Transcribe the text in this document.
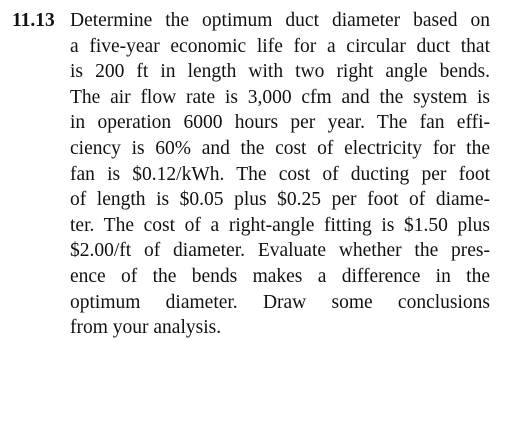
11.13 Determine the optimum duct diameter based on
a five-year economic life for a circular duct that
is 200 ft in length with two right angle bends.
The air flow rate is 3,000 cfm and the system is
in operation 6000 hours per year. The fan effi-
ciency is 60% and the cost of electricity for the
fan is $0.12/kWh. The cost of ducting per foot
of length is $0.05 plus $0.25 per foot of diame-
ter. The cost of a right-angle fitting is $1.50 plus
$2.00/ft of diameter. Evaluate whether the pres-
ence of the bends makes a difference in the
optimum diameter. Draw some conclusions
from your analysis.
